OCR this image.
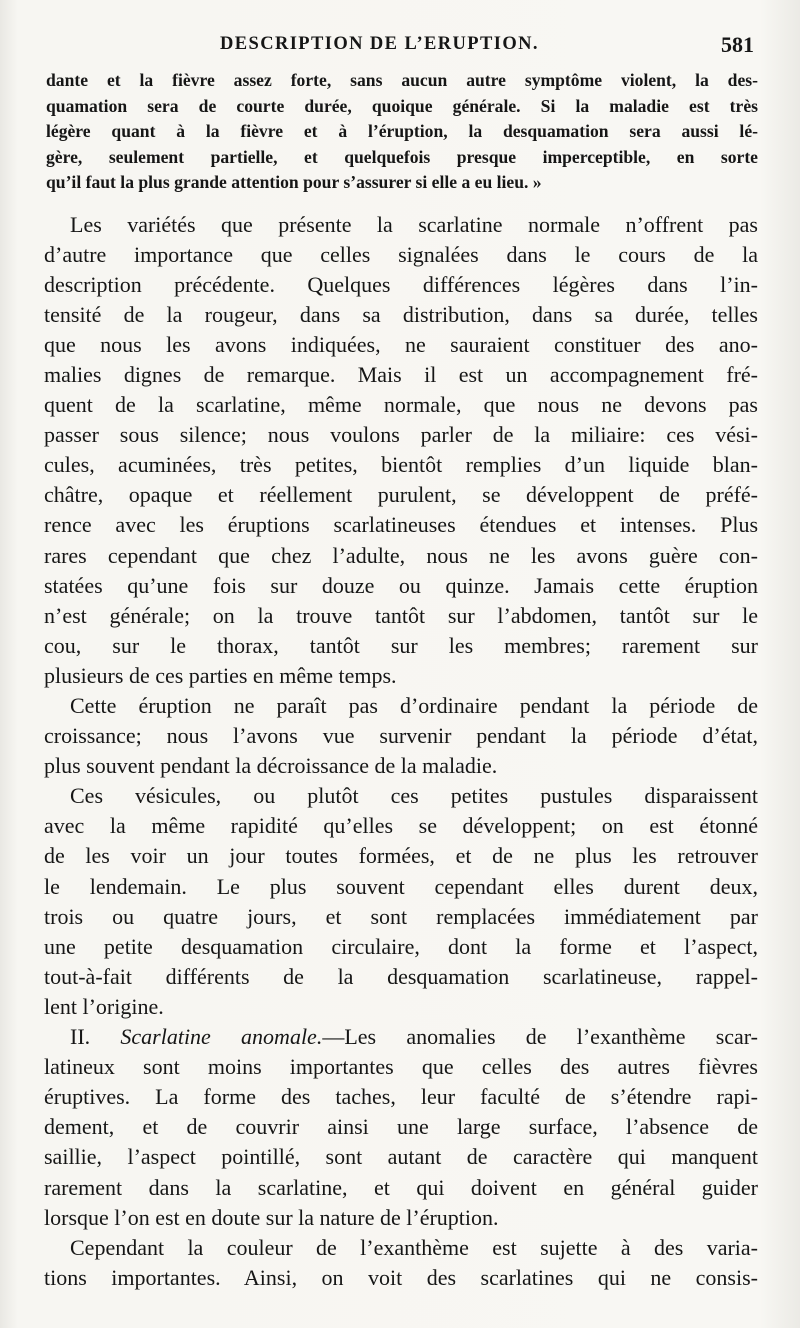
DESCRIPTION DE L’ERUPTION.	581
dante et la fièvre assez forte, sans aucun autre symptôme violent, la des-
quamation sera de courte durée, quoique générale. Si la maladie est très
légère quant à la fièvre et à l’éruption, la desquamation sera aussi lé-
gère, seulement partielle, et quelquefois presque imperceptible, en sorte
qu’il faut la plus grande attention pour s’assurer si elle a eu lieu. »

Les variétés que présente la scarlatine normale n’offrent pas

d’autre importance que celles signalées dans le cours de la

description précédente. Quelques différences légères dans l’in-

tensité de la rougeur, dans sa distribution, dans sa durée, telles

que nous les avons indiquées, ne sauraient constituer des ano-

malies dignes de remarque. Mais il est un accompagnement fré-

quent de la scarlatine, même normale, que nous ne devons pas

passer sous silence; nous voulons parler de la miliaire: ces vési-

cules, acuminées, très petites, bientôt remplies d’un liquide blan-

châtre, opaque et réellement purulent, se développent de préfé-

rence avec les éruptions scarlatineuses étendues et intenses. Plus

rares cependant que chez l’adulte, nous ne les avons guère con-

statées qu’une fois sur douze ou quinze. Jamais cette éruption

n’est générale; on la trouve tantôt sur l’abdomen, tantôt sur le

cou, sur le thorax, tantôt sur les membres; rarement sur

plusieurs de ces parties en même temps.

Cette éruption ne paraît pas d’ordinaire pendant la période de

croissance; nous l’avons vue survenir pendant la période d’état,

plus souvent pendant la décroissance de la maladie.

Ces vésicules, ou plutôt ces petites pustules disparaissent

avec la même rapidité qu’elles se développent; on est étonné

de les voir un jour toutes formées, et de ne plus les retrouver

le lendemain. Le plus souvent cependant elles durent deux,

trois ou quatre jours, et sont remplacées immédiatement par

une petite desquamation circulaire, dont la forme et l’aspect,

tout-à-fait différents de la desquamation scarlatineuse, rappel-

lent l’origine.

II. Scarlatine anomale.—Les anomalies de l’exanthème scar-

latineux sont moins importantes que celles des autres fièvres

éruptives. La forme des taches, leur faculté de s’étendre rapi-

dement, et de couvrir ainsi une large surface, l’absence de

saillie, l’aspect pointillé, sont autant de caractère qui manquent

rarement dans la scarlatine, et qui doivent en général guider

lorsque l’on est en doute sur la nature de l’éruption.

Cependant la couleur de l’exanthème est sujette à des varia-

tions importantes. Ainsi, on voit des scarlatines qui ne consis-
